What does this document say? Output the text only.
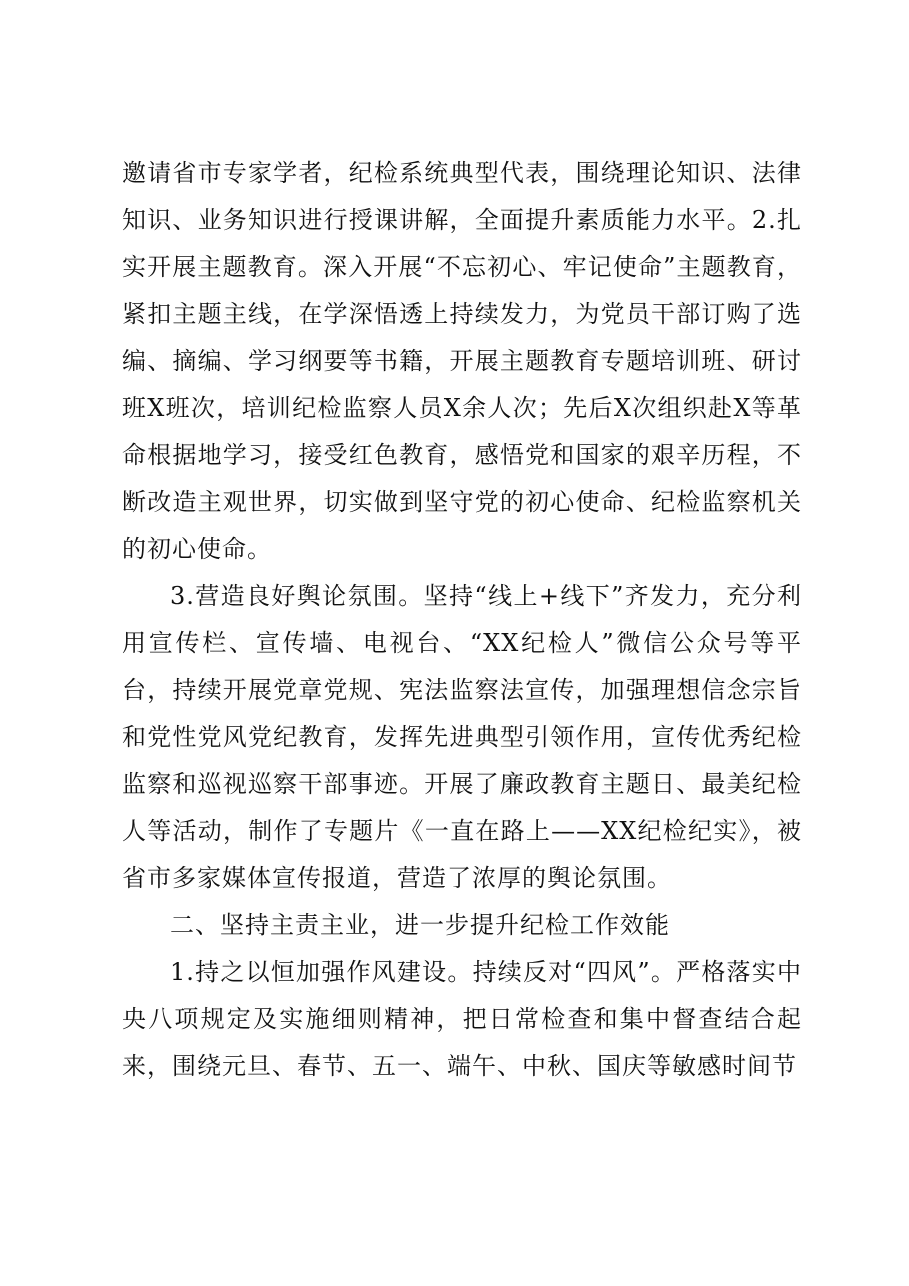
邀请省市专家学者，纪检系统典型代表，围绕理论知识、法律知识、业务知识进行授课讲解，全面提升素质能力水平。2.扎实开展主题教育。深入开展“不忘初心、牢记使命”主题教育，紧扣主题主线，在学深悟透上持续发力，为党员干部订购了选编、摘编、学习纲要等书籍，开展主题教育专题培训班、研讨班X班次，培训纪检监察人员X余人次；先后X次组织赴X等革命根据地学习，接受红色教育，感悟党和国家的艰辛历程，不断改造主观世界，切实做到坚守党的初心使命、纪检监察机关的初心使命。

3.营造良好舆论氛围。坚持“线上+线下”齐发力，充分利用宣传栏、宣传墙、电视台、“XX纪检人”微信公众号等平台，持续开展党章党规、宪法监察法宣传，加强理想信念宗旨和党性党风党纪教育，发挥先进典型引领作用，宣传优秀纪检监察和巡视巡察干部事迹。开展了廉政教育主题日、最美纪检人等活动，制作了专题片《一直在路上——XX纪检纪实》，被省市多家媒体宣传报道，营造了浓厚的舆论氛围。

二、坚持主责主业，进一步提升纪检工作效能

1.持之以恒加强作风建设。持续反对“四风”。严格落实中央八项规定及实施细则精神，把日常检查和集中督查结合起来，围绕元旦、春节、五一、端午、中秋、国庆等敏感时间节
